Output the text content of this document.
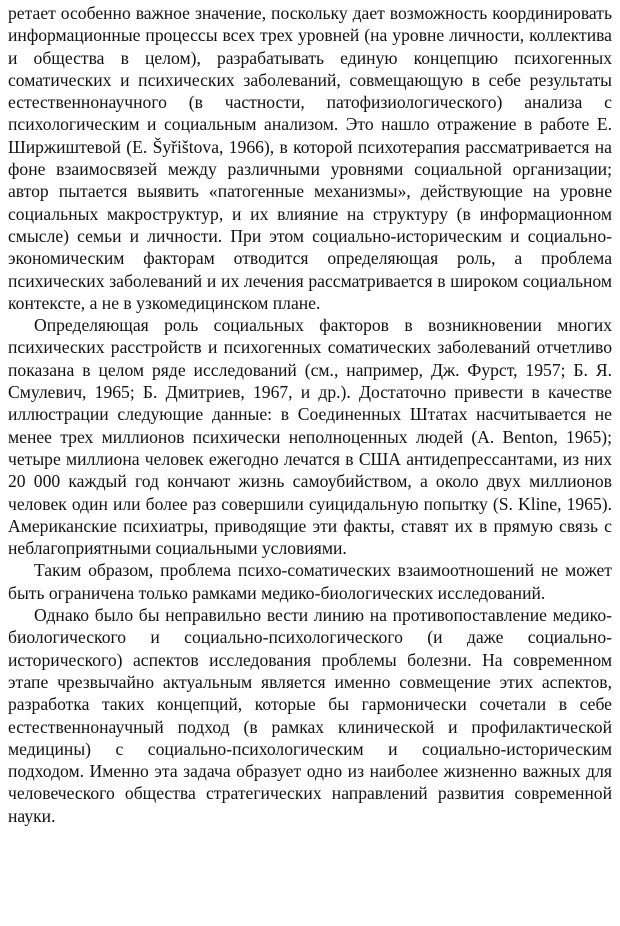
ретает особенно важное значение, поскольку дает возможность координировать информационные процессы всех трех уровней (на уровне личности, коллектива и общества в целом), разрабатывать единую концепцию психогенных соматических и психических заболеваний, совмещающую в себе результаты естественнонаучного (в частности, патофизиологического) анализа с психологическим и социальным анализом. Это нашло отражение в работе Е. Ширжиштевой (E. Šyřištova, 1966), в которой психотерапия рассматривается на фоне взаимосвязей между различными уровнями социальной организации; автор пытается выявить «патогенные механизмы», действующие на уровне социальных макроструктур, и их влияние на структуру (в информационном смысле) семьи и личности. При этом социально-историческим и социально-экономическим факторам отводится определяющая роль, а проблема психических заболеваний и их лечения рассматривается в широком социальном контексте, а не в узкомедицинском плане.

Определяющая роль социальных факторов в возникновении многих психических расстройств и психогенных соматических заболеваний отчетливо показана в целом ряде исследований (см., например, Дж. Фурст, 1957; Б. Я. Смулевич, 1965; Б. Дмитриев, 1967, и др.). Достаточно привести в качестве иллюстрации следующие данные: в Соединенных Штатах насчитывается не менее трех миллионов психически неполноценных людей (A. Benton, 1965); четыре миллиона человек ежегодно лечатся в США антидепрессантами, из них 20 000 каждый год кончают жизнь самоубийством, а около двух миллионов человек один или более раз совершили суицидальную попытку (S. Kline, 1965). Американские психиатры, приводящие эти факты, ставят их в прямую связь с неблагоприятными социальными условиями.

Таким образом, проблема психо-соматических взаимоотношений не может быть ограничена только рамками медико-биологических исследований.

Однако было бы неправильно вести линию на противопоставление медико-биологического и социально-психологического (и даже социально-исторического) аспектов исследования проблемы болезни. На современном этапе чрезвычайно актуальным является именно совмещение этих аспектов, разработка таких концепций, которые бы гармонически сочетали в себе естественнонаучный подход (в рамках клинической и профилактической медицины) с социально-психологическим и социально-историческим подходом. Именно эта задача образует одно из наиболее жизненно важных для человеческого общества стратегических направлений развития современной науки.
